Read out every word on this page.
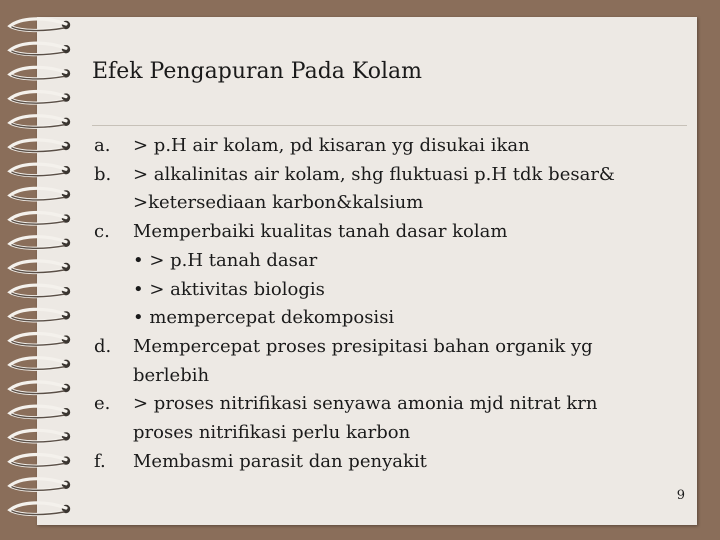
Efek Pengapuran Pada Kolam
a.	> p.H air kolam, pd kisaran yg disukai ikan
b.	> alkalinitas air kolam, shg fluktuasi p.H tdk besar&
>ketersediaan karbon&kalsium
c.	Memperbaiki kualitas tanah dasar kolam
• > p.H tanah dasar
• > aktivitas biologis
• mempercepat dekomposisi
d.	Mempercepat proses presipitasi bahan organik yg
berlebih
e.	> proses nitrifikasi senyawa amonia mjd nitrat krn
proses nitrifikasi perlu karbon
f.	Membasmi parasit dan penyakit
9
